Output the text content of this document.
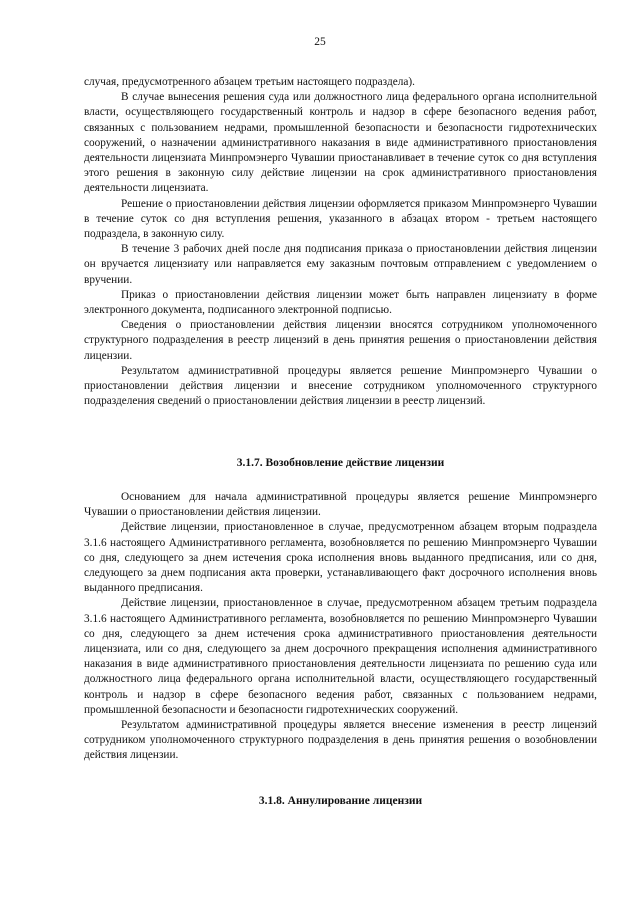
25

случая, предусмотренного абзацем третьим настоящего подраздела).

В случае вынесения решения суда или должностного лица федерального органа исполнительной власти, осуществляющего государственный контроль и надзор в сфере безопасного ведения работ, связанных с пользованием недрами, промышленной безопасности и безопасности гидротехнических сооружений, о назначении административного наказания в виде административного приостановления деятельности лицензиата Минпромэнерго Чувашии приостанавливает в течение суток со дня вступления этого решения в законную силу действие лицензии на срок административного приостановления деятельности лицензиата.

Решение о приостановлении действия лицензии оформляется приказом Минпромэнерго Чувашии в течение суток со дня вступления решения, указанного в абзацах втором - третьем настоящего подраздела, в законную силу.

В течение 3 рабочих дней после дня подписания приказа о приостановлении действия лицензии он вручается лицензиату или направляется ему заказным почтовым отправлением с уведомлением о вручении.

Приказ о приостановлении действия лицензии может быть направлен лицензиату в форме электронного документа, подписанного электронной подписью.

Сведения о приостановлении действия лицензии вносятся сотрудником уполномоченного структурного подразделения в реестр лицензий в день принятия решения о приостановлении действия лицензии.

Результатом административной процедуры является решение Минпромэнерго Чувашии о приостановлении действия лицензии и внесение сотрудником уполномоченного структурного подразделения сведений о приостановлении действия лицензии в реестр лицензий.

3.1.7. Возобновление действие лицензии

Основанием для начала административной процедуры является решение Минпромэнерго Чувашии о приостановлении действия лицензии.

Действие лицензии, приостановленное в случае, предусмотренном абзацем вторым подраздела 3.1.6 настоящего Административного регламента, возобновляется по решению Минпромэнерго Чувашии со дня, следующего за днем истечения срока исполнения вновь выданного предписания, или со дня, следующего за днем подписания акта проверки, устанавливающего факт досрочного исполнения вновь выданного предписания.

Действие лицензии, приостановленное в случае, предусмотренном абзацем третьим подраздела 3.1.6 настоящего Административного регламента, возобновляется по решению Минпромэнерго Чувашии со дня, следующего за днем истечения срока административного приостановления деятельности лицензиата, или со дня, следующего за днем досрочного прекращения исполнения административного наказания в виде административного приостановления деятельности лицензиата по решению суда или должностного лица федерального органа исполнительной власти, осуществляющего государственный контроль и надзор в сфере безопасного ведения работ, связанных с пользованием недрами, промышленной безопасности и безопасности гидротехнических сооружений.

Результатом административной процедуры является внесение изменения в реестр лицензий сотрудником уполномоченного структурного подразделения в день принятия решения о возобновлении действия лицензии.

3.1.8. Аннулирование лицензии
